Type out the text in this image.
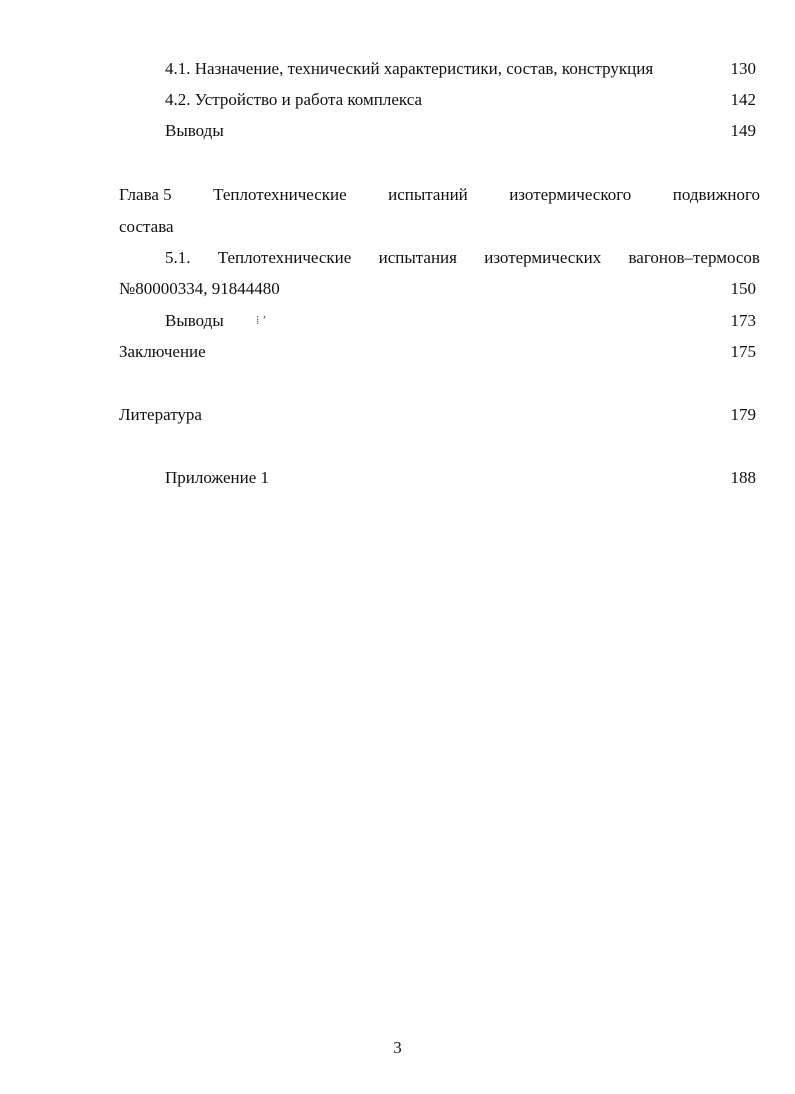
4.1. Назначение, технический характеристики, состав, конструкция	130
4.2. Устройство и работа комплекса	142
Выводы	149
Глава 5 Теплотехнические испытаний изотермического подвижного
состава
5.1. Теплотехнические испытания изотермических вагонов–термосов
№80000334, 91844480	150
Выводы	173
⁞ ʼ
Заключение	175
Литература	179
Приложение 1	188
3
